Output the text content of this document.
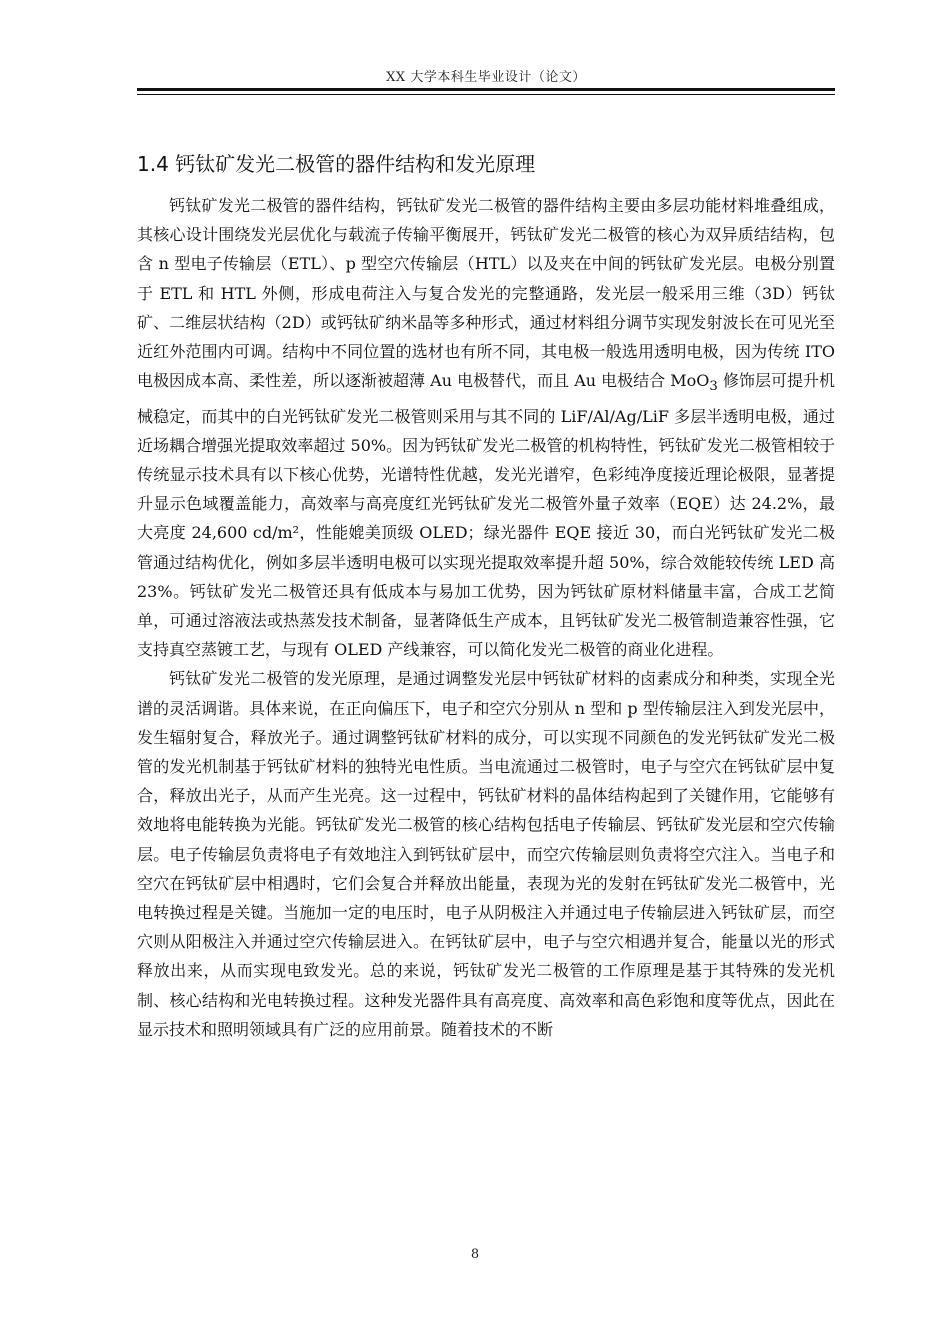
XX 大学本科生毕业设计（论文）
1.4 钙钛矿发光二极管的器件结构和发光原理

钙钛矿发光二极管的器件结构，钙钛矿发光二极管的器件结构主要由多层功能材料堆叠组成，其核心设计围绕发光层优化与载流子传输平衡展开，钙钛矿发光二极管的核心为双异质结结构，包含 n 型电子传输层（ETL）、p 型空穴传输层（HTL）以及夹在中间的钙钛矿发光层。电极分别置于 ETL 和 HTL 外侧，形成电荷注入与复合发光的完整通路，发光层一般采用三维（3D）钙钛矿、二维层状结构（2D）或钙钛矿纳米晶等多种形式，通过材料组分调节实现发射波长在可见光至近红外范围内可调。结构中不同位置的选材也有所不同，其电极一般选用透明电极，因为传统 ITO 电极因成本高、柔性差，所以逐渐被超薄 Au 电极替代，而且 Au 电极结合 MoO$_3$ 修饰层可提升机械稳定，而其中的白光钙钛矿发光二极管则采用与其不同的 LiF/Al/Ag/LiF 多层半透明电极，通过近场耦合增强光提取效率超过 50%。因为钙钛矿发光二极管的机构特性，钙钛矿发光二极管相较于传统显示技术具有以下核心优势，光谱特性优越，发光光谱窄，色彩纯净度接近理论极限，显著提升显示色域覆盖能力，高效率与高亮度红光钙钛矿发光二极管外量子效率（EQE）达 24.2%，最大亮度 24,600 cd/m²，性能媲美顶级 OLED；绿光器件 EQE 接近 30，而白光钙钛矿发光二极管通过结构优化，例如多层半透明电极可以实现光提取效率提升超 50%，综合效能较传统 LED 高 23%。钙钛矿发光二极管还具有低成本与易加工优势，因为钙钛矿原材料储量丰富，合成工艺简单，可通过溶液法或热蒸发技术制备，显著降低生产成本，且钙钛矿发光二极管制造兼容性强，它支持真空蒸镀工艺，与现有 OLED 产线兼容，可以简化发光二极管的商业化进程。

钙钛矿发光二极管的发光原理，是通过调整发光层中钙钛矿材料的卤素成分和种类，实现全光谱的灵活调谐。具体来说，在正向偏压下，电子和空穴分别从 n 型和 p 型传输层注入到发光层中，发生辐射复合，释放光子。通过调整钙钛矿材料的成分，可以实现不同颜色的发光钙钛矿发光二极管的发光机制基于钙钛矿材料的独特光电性质。当电流通过二极管时，电子与空穴在钙钛矿层中复合，释放出光子，从而产生光亮。这一过程中，钙钛矿材料的晶体结构起到了关键作用，它能够有效地将电能转换为光能。钙钛矿发光二极管的核心结构包括电子传输层、钙钛矿发光层和空穴传输层。电子传输层负责将电子有效地注入到钙钛矿层中，而空穴传输层则负责将空穴注入。当电子和空穴在钙钛矿层中相遇时，它们会复合并释放出能量，表现为光的发射在钙钛矿发光二极管中，光电转换过程是关键。当施加一定的电压时，电子从阴极注入并通过电子传输层进入钙钛矿层，而空穴则从阳极注入并通过空穴传输层进入。在钙钛矿层中，电子与空穴相遇并复合，能量以光的形式释放出来，从而实现电致发光。总的来说，钙钛矿发光二极管的工作原理是基于其特殊的发光机制、核心结构和光电转换过程。这种发光器件具有高亮度、高效率和高色彩饱和度等优点，因此在显示技术和照明领域具有广泛的应用前景。随着技术的不断

8
